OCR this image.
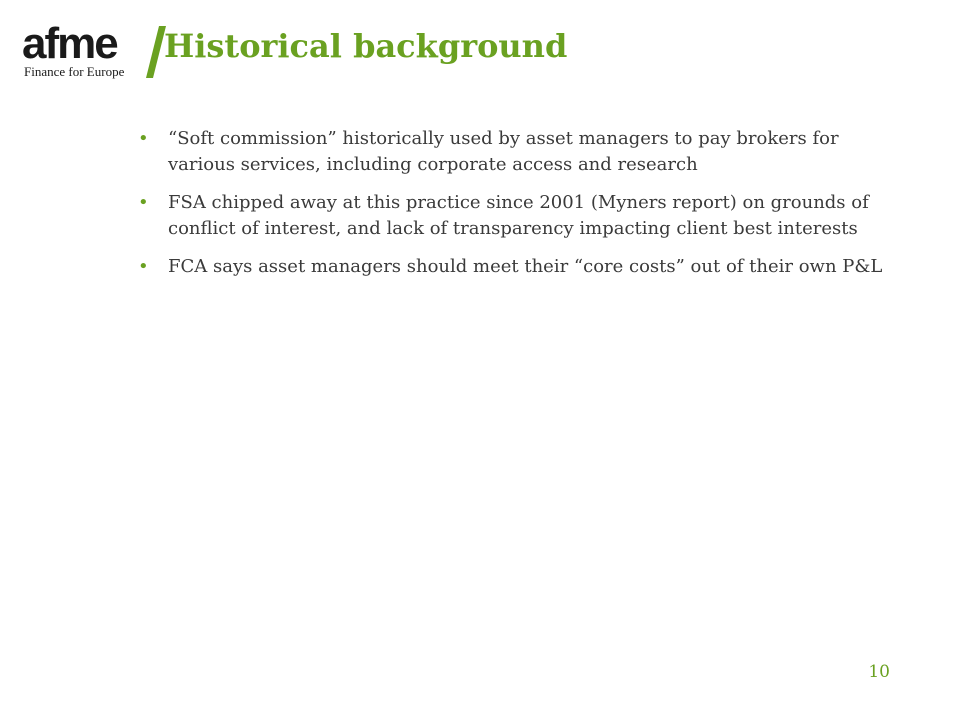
afme
Finance for Europe
Historical background
• “Soft commission” historically used by asset managers to pay brokers for various services, including corporate access and research
• FSA chipped away at this practice since 2001 (Myners report) on grounds of conflict of interest, and lack of transparency impacting client best interests
• FCA says asset managers should meet their “core costs” out of their own P&L
10
